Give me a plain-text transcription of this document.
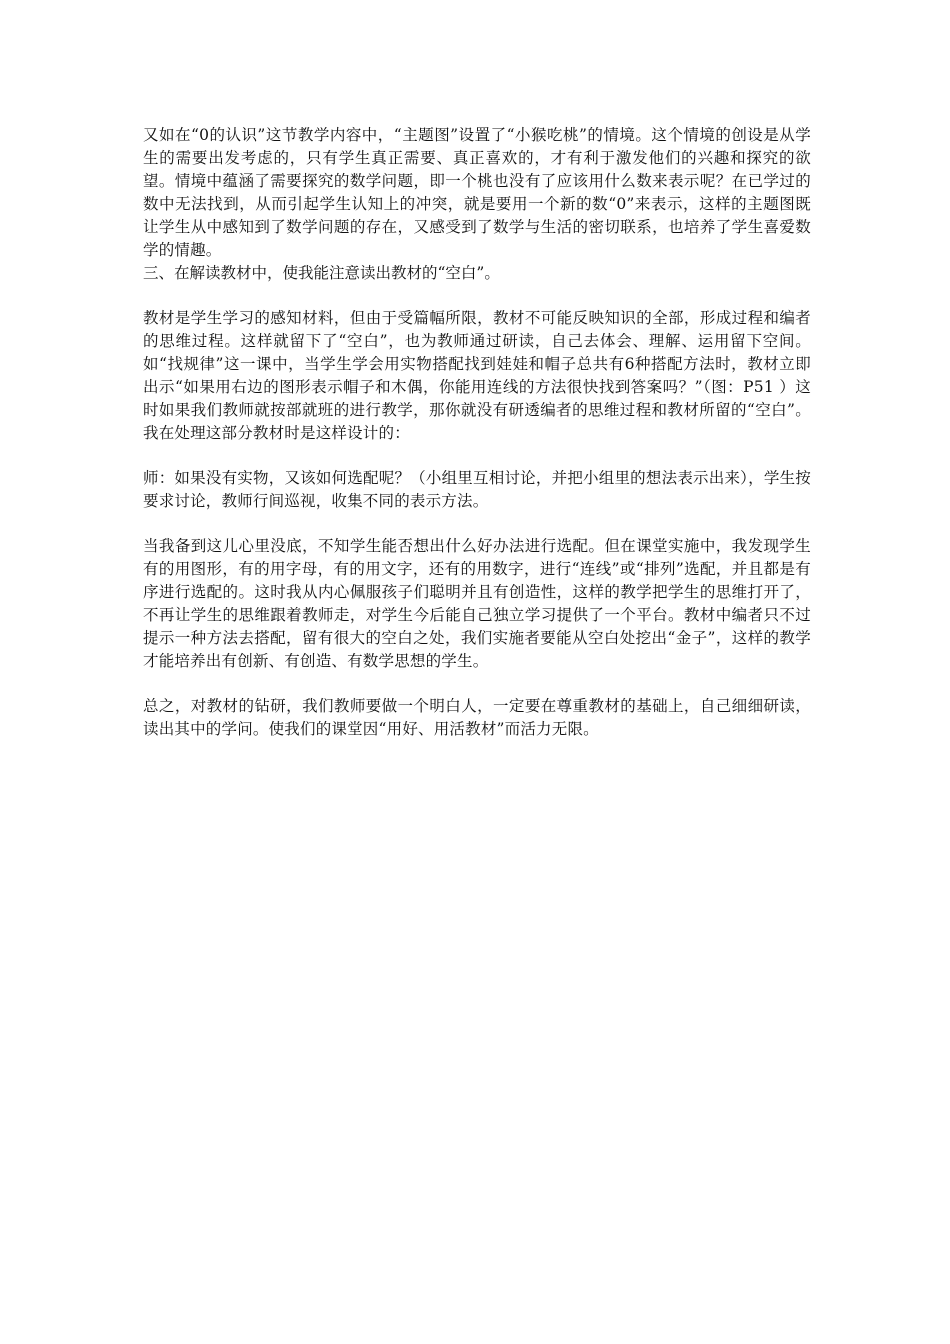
又如在“0的认识”这节教学内容中，“主题图”设置了“小猴吃桃”的情境。这个情境的创设是从学生的需要出发考虑的，只有学生真正需要、真正喜欢的，才有利于激发他们的兴趣和探究的欲望。情境中蕴涵了需要探究的数学问题，即一个桃也没有了应该用什么数来表示呢？在已学过的数中无法找到，从而引起学生认知上的冲突，就是要用一个新的数“0”来表示，这样的主题图既让学生从中感知到了数学问题的存在，又感受到了数学与生活的密切联系，也培养了学生喜爱数学的情趣。

三、在解读教材中，使我能注意读出教材的“空白”。

教材是学生学习的感知材料，但由于受篇幅所限，教材不可能反映知识的全部，形成过程和编者的思维过程。这样就留下了“空白”，也为教师通过研读，自己去体会、理解、运用留下空间。如“找规律”这一课中，当学生学会用实物搭配找到娃娃和帽子总共有6种搭配方法时，教材立即出示“如果用右边的图形表示帽子和木偶，你能用连线的方法很快找到答案吗？”（图：P51 ）这时如果我们教师就按部就班的进行教学，那你就没有研透编者的思维过程和教材所留的“空白”。我在处理这部分教材时是这样设计的：

师：如果没有实物，又该如何选配呢？（小组里互相讨论，并把小组里的想法表示出来），学生按要求讨论，教师行间巡视，收集不同的表示方法。

当我备到这儿心里没底，不知学生能否想出什么好办法进行选配。但在课堂实施中，我发现学生有的用图形，有的用字母，有的用文字，还有的用数字，进行“连线”或“排列”选配，并且都是有序进行选配的。这时我从内心佩服孩子们聪明并且有创造性，这样的教学把学生的思维打开了，不再让学生的思维跟着教师走，对学生今后能自己独立学习提供了一个平台。教材中编者只不过提示一种方法去搭配，留有很大的空白之处，我们实施者要能从空白处挖出“金子”，这样的教学才能培养出有创新、有创造、有数学思想的学生。

总之，对教材的钻研，我们教师要做一个明白人，一定要在尊重教材的基础上，自己细细研读，读出其中的学问。使我们的课堂因“用好、用活教材”而活力无限。
